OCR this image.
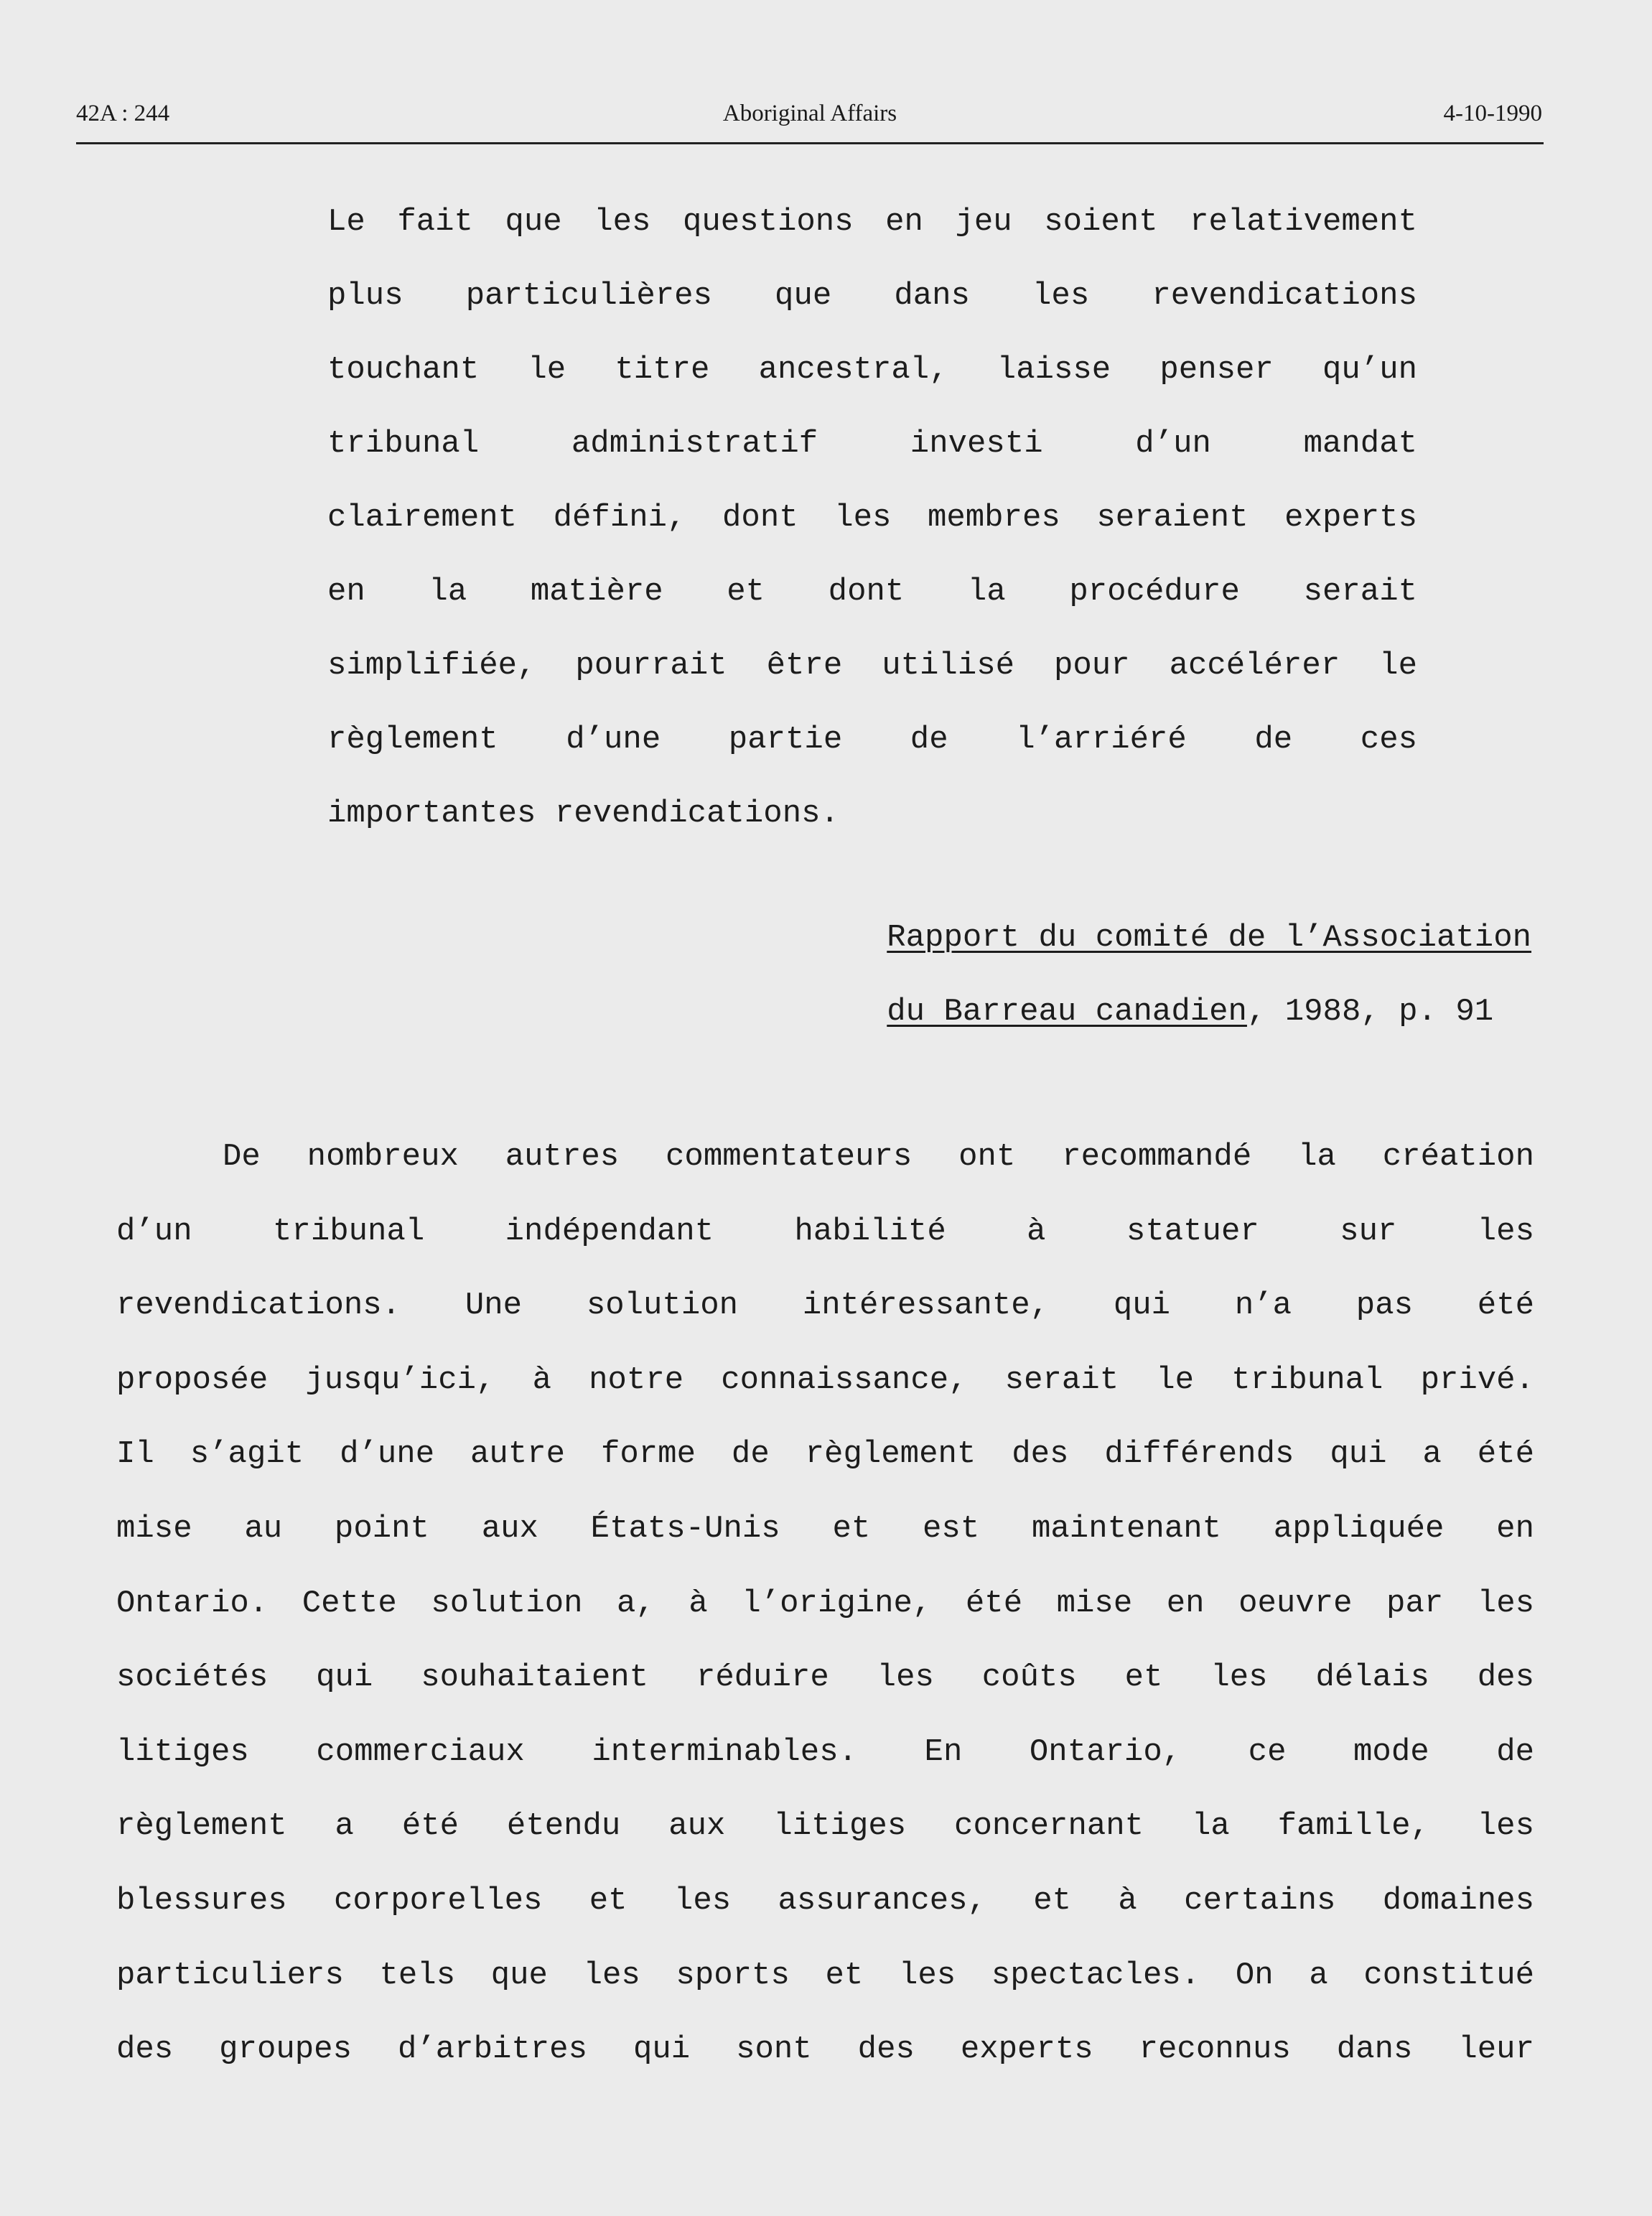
42A : 244	Aboriginal Affairs	4-10-1990
Le fait que les questions en jeu soient relativement
plus particulières que dans les revendications
touchant le titre ancestral, laisse penser qu’un
tribunal administratif investi d’un mandat
clairement défini, dont les membres seraient experts
en la matière et dont la procédure serait
simplifiée, pourrait être utilisé pour accélérer le
règlement d’une partie de l’arriéré de ces
importantes revendications.
Rapport du comité de l’Association
du Barreau canadien, 1988, p. 91
De nombreux autres commentateurs ont recommandé la création
d’un tribunal indépendant habilité à statuer sur les
revendications. Une solution intéressante, qui n’a pas été
proposée jusqu’ici, à notre connaissance, serait le tribunal privé.
Il s’agit d’une autre forme de règlement des différends qui a été
mise au point aux États-Unis et est maintenant appliquée en
Ontario. Cette solution a, à l’origine, été mise en oeuvre par les
sociétés qui souhaitaient réduire les coûts et les délais des
litiges commerciaux interminables. En Ontario, ce mode de
règlement a été étendu aux litiges concernant la famille, les
blessures corporelles et les assurances, et à certains domaines
particuliers tels que les sports et les spectacles. On a constitué
des groupes d’arbitres qui sont des experts reconnus dans leur
